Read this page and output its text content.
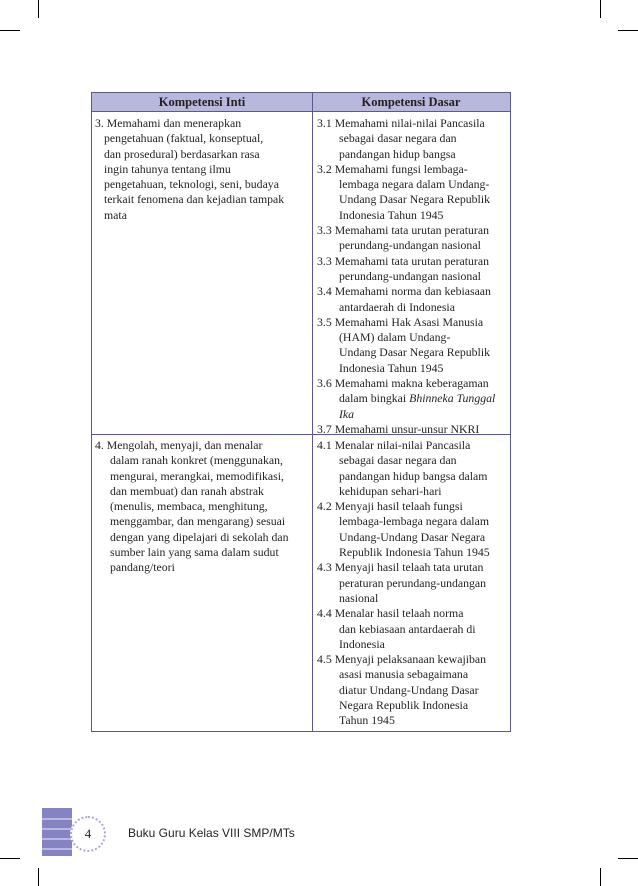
Kompetensi Inti	Kompetensi Dasar
3. Memahami dan menerapkan
pengetahuan (faktual, konseptual,
dan prosedural) berdasarkan rasa
ingin tahunya tentang ilmu
pengetahuan, teknologi, seni, budaya
terkait fenomena dan kejadian tampak
mata
3.1 Memahami nilai-nilai Pancasila
sebagai dasar negara dan
pandangan hidup bangsa
3.2 Memahami fungsi lembaga-
lembaga negara dalam Undang-
Undang Dasar Negara Republik
Indonesia Tahun 1945
3.3 Memahami tata urutan peraturan
perundang-undangan nasional
3.3 Memahami tata urutan peraturan
perundang-undangan nasional
3.4 Memahami norma dan kebiasaan
antardaerah di Indonesia
3.5 Memahami Hak Asasi Manusia
(HAM) dalam Undang-
Undang Dasar Negara Republik
Indonesia Tahun 1945
3.6 Memahami makna keberagaman
dalam bingkai Bhinneka Tunggal
Ika
3.7 Memahami unsur-unsur NKRI
4. Mengolah, menyaji, dan menalar
dalam ranah konkret (menggunakan,
mengurai, merangkai, memodifikasi,
dan membuat) dan ranah abstrak
(menulis, membaca, menghitung,
menggambar, dan mengarang) sesuai
dengan yang dipelajari di sekolah dan
sumber lain yang sama dalam sudut
pandang/teori
4.1 Menalar nilai-nilai Pancasila
sebagai dasar negara dan
pandangan hidup bangsa dalam
kehidupan sehari-hari
4.2 Menyaji hasil telaah fungsi
lembaga-lembaga negara dalam
Undang-Undang Dasar Negara
Republik Indonesia Tahun 1945
4.3 Menyaji hasil telaah tata urutan
peraturan perundang-undangan
nasional
4.4 Menalar hasil telaah norma
dan kebiasaan antardaerah di
Indonesia
4.5 Menyaji pelaksanaan kewajiban
asasi manusia sebagaimana
diatur Undang-Undang Dasar
Negara Republik Indonesia
Tahun 1945
4	Buku Guru Kelas VIII SMP/MTs
